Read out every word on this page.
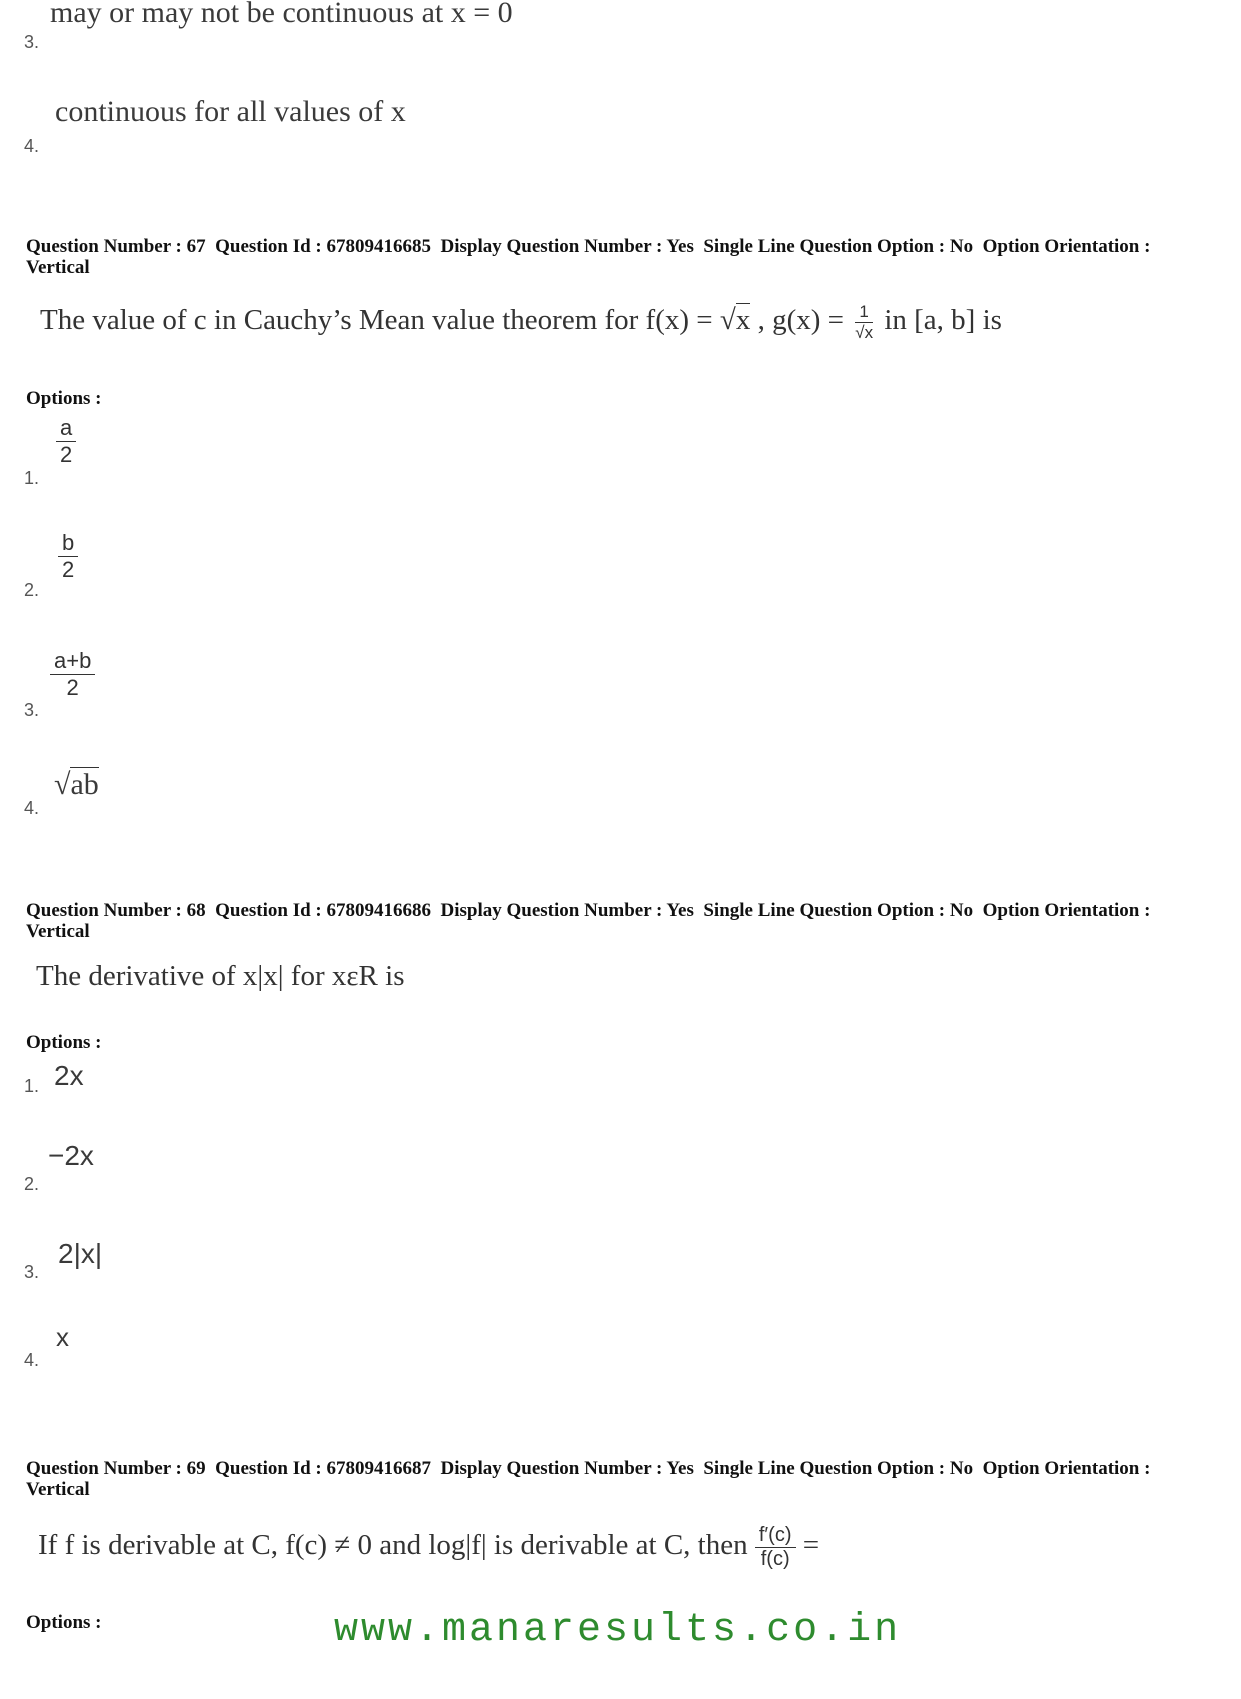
may or may not be continuous at x = 0
3.
continuous for all values of x
4.
Question Number : 67  Question Id : 67809416685  Display Question Number : Yes  Single Line Question Option : No  Option Orientation : Vertical
The value of c in Cauchy’s Mean value theorem for f(x) = √x , $g(x) = \frac{1}{√x}$ in [a, b] is
Options :
$\frac{a}{2}$
1.
$\frac{b}{2}$
2.
$\frac{a+b}{2}$
3.
√ab
4.
Question Number : 68  Question Id : 67809416686  Display Question Number : Yes  Single Line Question Option : No  Option Orientation : Vertical
The derivative of x|x| for xεR is
Options :
2x
1.
−2x
2.
2|x|
3.
x
4.
Question Number : 69  Question Id : 67809416687  Display Question Number : Yes  Single Line Question Option : No  Option Orientation : Vertical
If f is derivable at C, f(c) ≠ 0 and log|f| is derivable at C, then $\frac{f'(c)}{f(c)}$ =
Options :	www.manaresults.co.in
